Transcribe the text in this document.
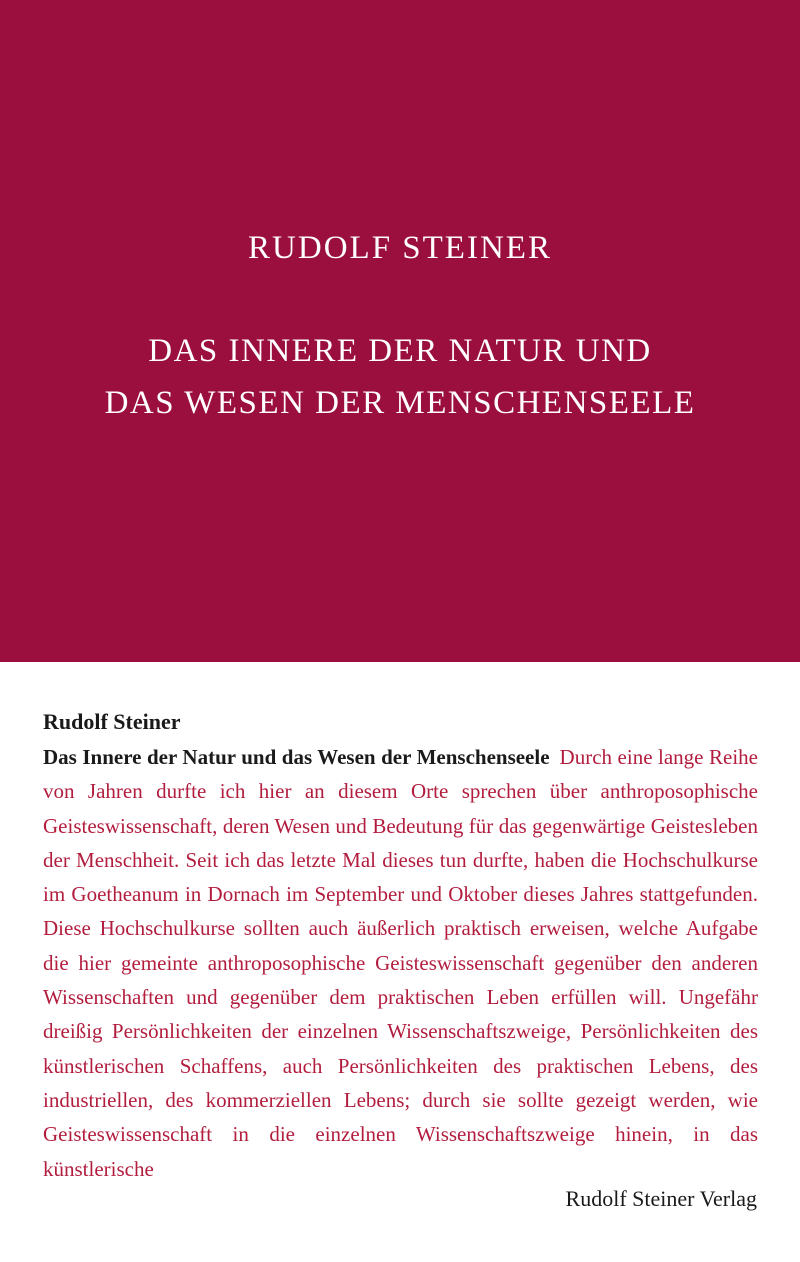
RUDOLF STEINER
DAS INNERE DER NATUR UND
DAS WESEN DER MENSCHENSEELE
Rudolf Steiner
Das Innere der Natur und das Wesen der Menschenseele Durch eine lange Reihe von Jahren durfte ich hier an diesem Orte sprechen über anthroposophische Geisteswissenschaft, deren Wesen und Bedeutung für das gegenwärtige Geistesleben der Menschheit. Seit ich das letzte Mal dieses tun durfte, haben die Hochschulkurse im Goetheanum in Dornach im September und Oktober dieses Jahres stattgefunden. Diese Hochschulkurse sollten auch äußerlich praktisch erweisen, welche Aufgabe die hier gemeinte anthroposophische Geisteswissenschaft gegenüber den anderen Wissenschaften und gegenüber dem praktischen Leben erfüllen will. Ungefähr dreißig Persönlichkeiten der einzelnen Wissenschaftszweige, Persönlichkeiten des künstlerischen Schaffens, auch Persönlichkeiten des praktischen Lebens, des industriellen, des kommerziellen Lebens; durch sie sollte gezeigt werden, wie Geisteswissenschaft in die einzelnen Wissenschaftszweige hinein, in das künstlerische
Rudolf Steiner Verlag
